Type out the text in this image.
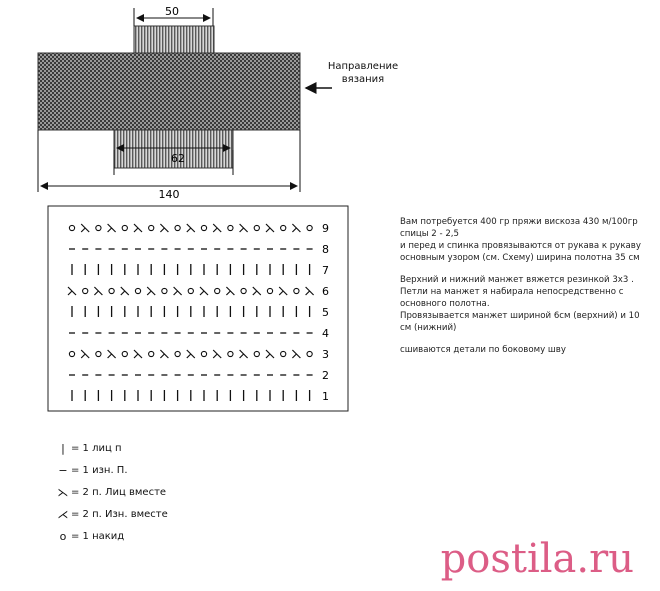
50
62
140
Направление
вязания
9
8
7
6
5
4
3
2
1

Вам потребуется 400 гр пряжи вискоза 430 м/100гр спицы 2 - 2,5
и перед и спинка провязываются от рукава к рукаву основным узором (см. Схему) ширина полотна 35 см

Верхний и нижний манжет вяжется резинкой 3х3 .
Петли на манжет я набирала непосредственно с основного полотна.
Провязывается манжет шириной 6см (верхний) и 10 см (нижний)

сшиваются детали по боковому шву

| = 1 лиц п
− = 1 изн. П.
⋋ = 2 п. Лиц вместе
⋌ = 2 п. Изн. вместе
o = 1 накид	postila.ru
